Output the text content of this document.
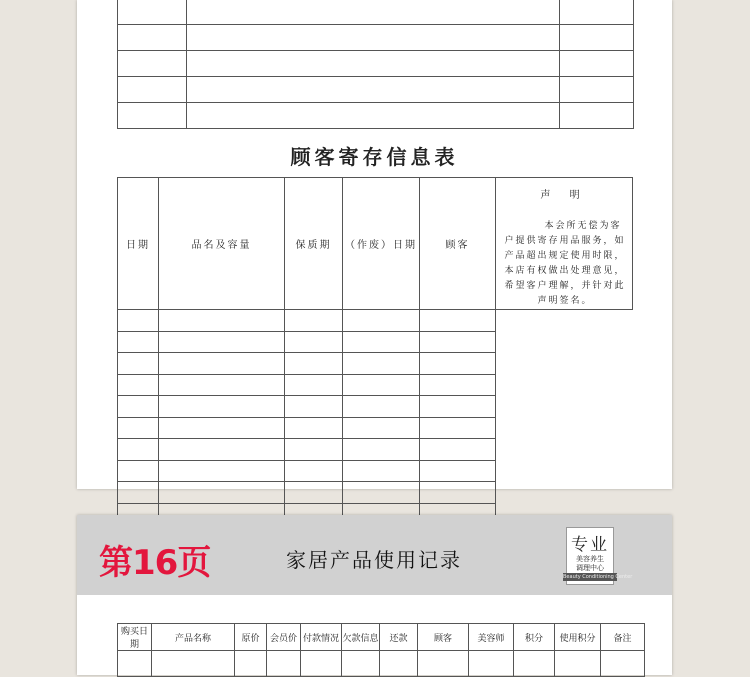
顾客寄存信息表
日期	品名及容量	保质期	（作废）日期	顾客	声 明
本会所无偿为客户提供寄存用品服务，如产品超出规定使用时限，本店有权做出处理意见，希望客户理解，并针对此声明签名。

第16页	家居产品使用记录
专业
美容养生
调理中心
Beauty Conditioning Center
购买日期	产品名称	原价	会员价	付款情况	欠款信息	还款	顾客	美容师	积分	使用积分	备注
